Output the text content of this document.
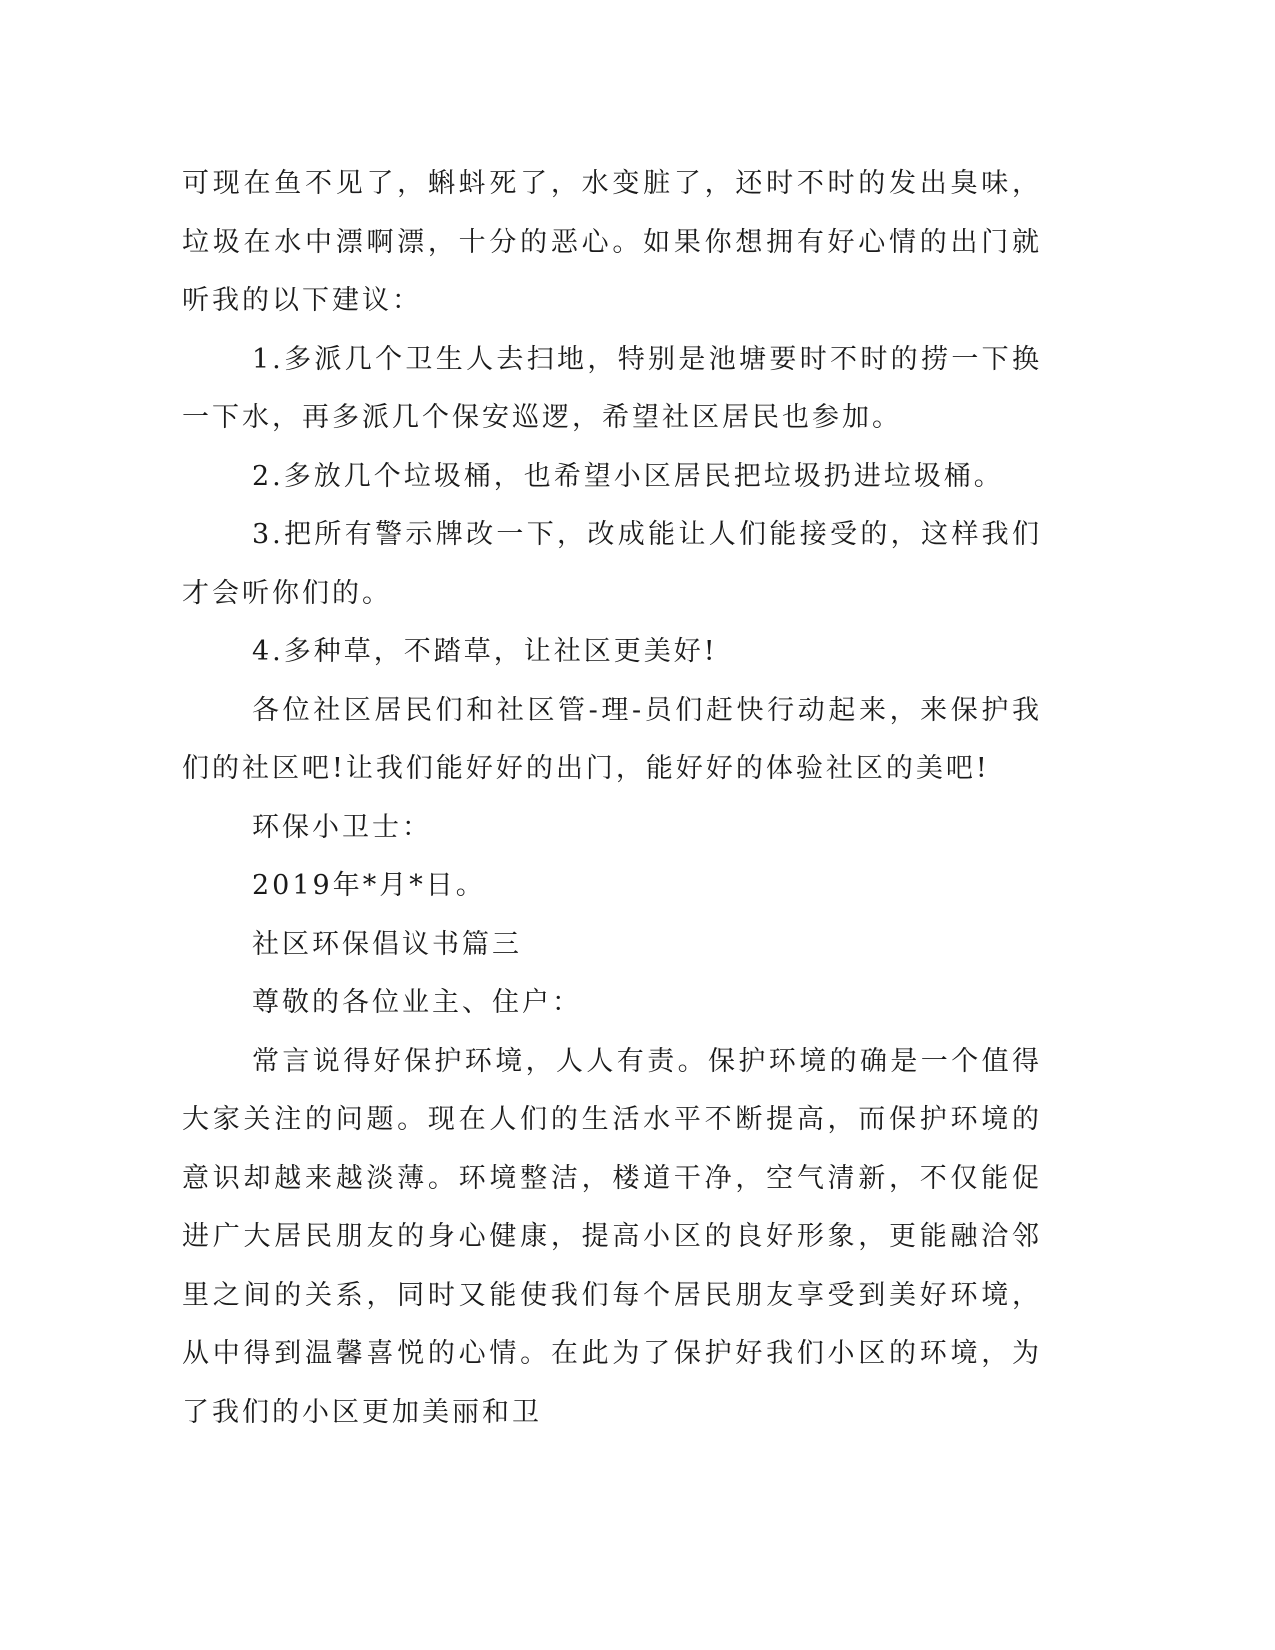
可现在鱼不见了，蝌蚪死了，水变脏了，还时不时的发出臭味，垃圾在水中漂啊漂，十分的恶心。如果你想拥有好心情的出门就听我的以下建议：

1.多派几个卫生人去扫地，特别是池塘要时不时的捞一下换一下水，再多派几个保安巡逻，希望社区居民也参加。

2.多放几个垃圾桶，也希望小区居民把垃圾扔进垃圾桶。

3.把所有警示牌改一下，改成能让人们能接受的，这样我们才会听你们的。

4.多种草，不踏草，让社区更美好!

各位社区居民们和社区管-理-员们赶快行动起来，来保护我们的社区吧!让我们能好好的出门，能好好的体验社区的美吧!

环保小卫士：

2019年*月*日。

社区环保倡议书篇三

尊敬的各位业主、住户：

常言说得好保护环境，人人有责。保护环境的确是一个值得大家关注的问题。现在人们的生活水平不断提高，而保护环境的意识却越来越淡薄。环境整洁，楼道干净，空气清新，不仅能促进广大居民朋友的身心健康，提高小区的良好形象，更能融洽邻里之间的关系，同时又能使我们每个居民朋友享受到美好环境，从中得到温馨喜悦的心情。在此为了保护好我们小区的环境，为了我们的小区更加美丽和卫
